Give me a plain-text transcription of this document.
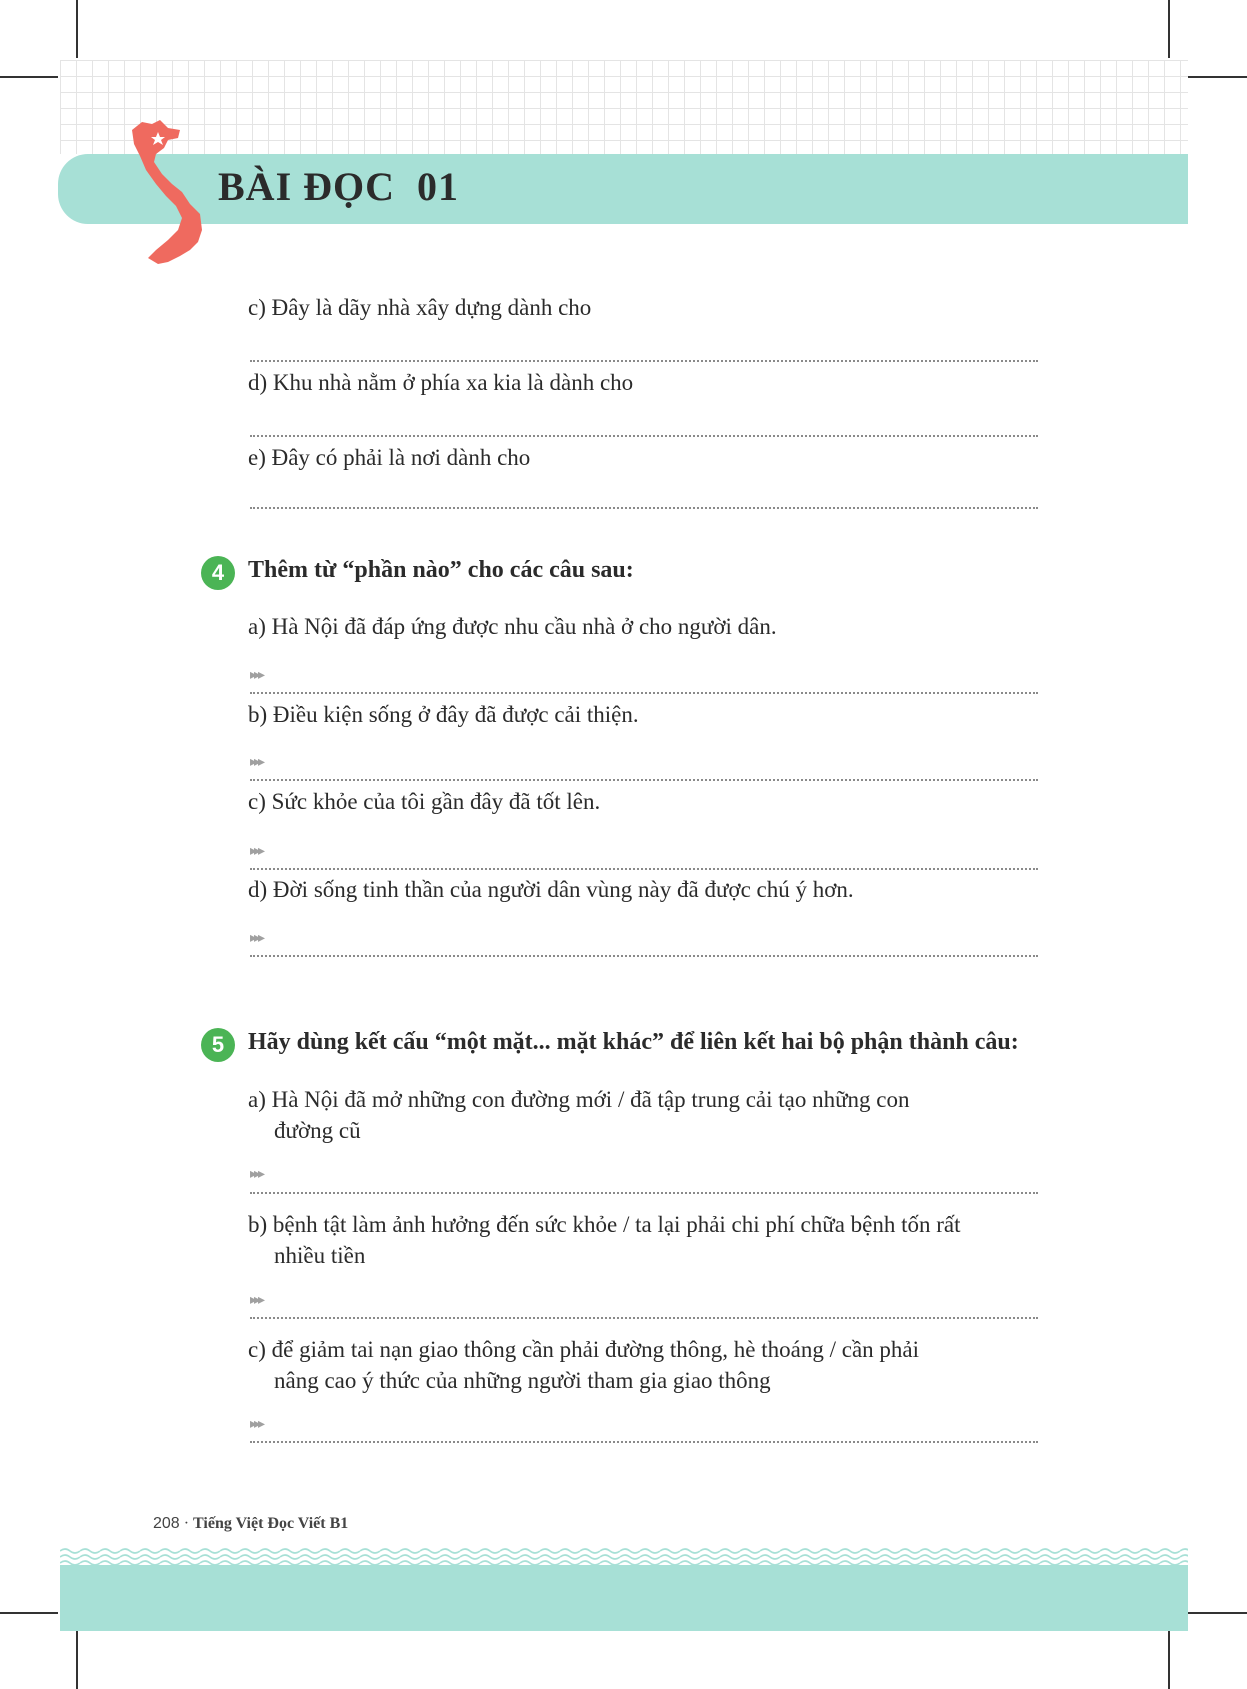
BÀI ĐỌC  01
c) Đây là dãy nhà xây dựng dành cho
d) Khu nhà nằm ở phía xa kia là dành cho
e) Đây có phải là nơi dành cho
4 Thêm từ “phần nào” cho các câu sau:
a) Hà Nội đã đáp ứng được nhu cầu nhà ở cho người dân.
▸▸▸
b) Điều kiện sống ở đây đã được cải thiện.
▸▸▸
c) Sức khỏe của tôi gần đây đã tốt lên.
▸▸▸
d) Đời sống tinh thần của người dân vùng này đã được chú ý hơn.
▸▸▸
5 Hãy dùng kết cấu “một mặt... mặt khác” để liên kết hai bộ phận thành câu:
a) Hà Nội đã mở những con đường mới / đã tập trung cải tạo những con
đường cũ
▸▸▸
b) bệnh tật làm ảnh hưởng đến sức khỏe / ta lại phải chi phí chữa bệnh tốn rất
nhiều tiền
▸▸▸
c) để giảm tai nạn giao thông cần phải đường thông, hè thoáng / cần phải
nâng cao ý thức của những người tham gia giao thông
▸▸▸
208 · Tiếng Việt Đọc Viết B1
